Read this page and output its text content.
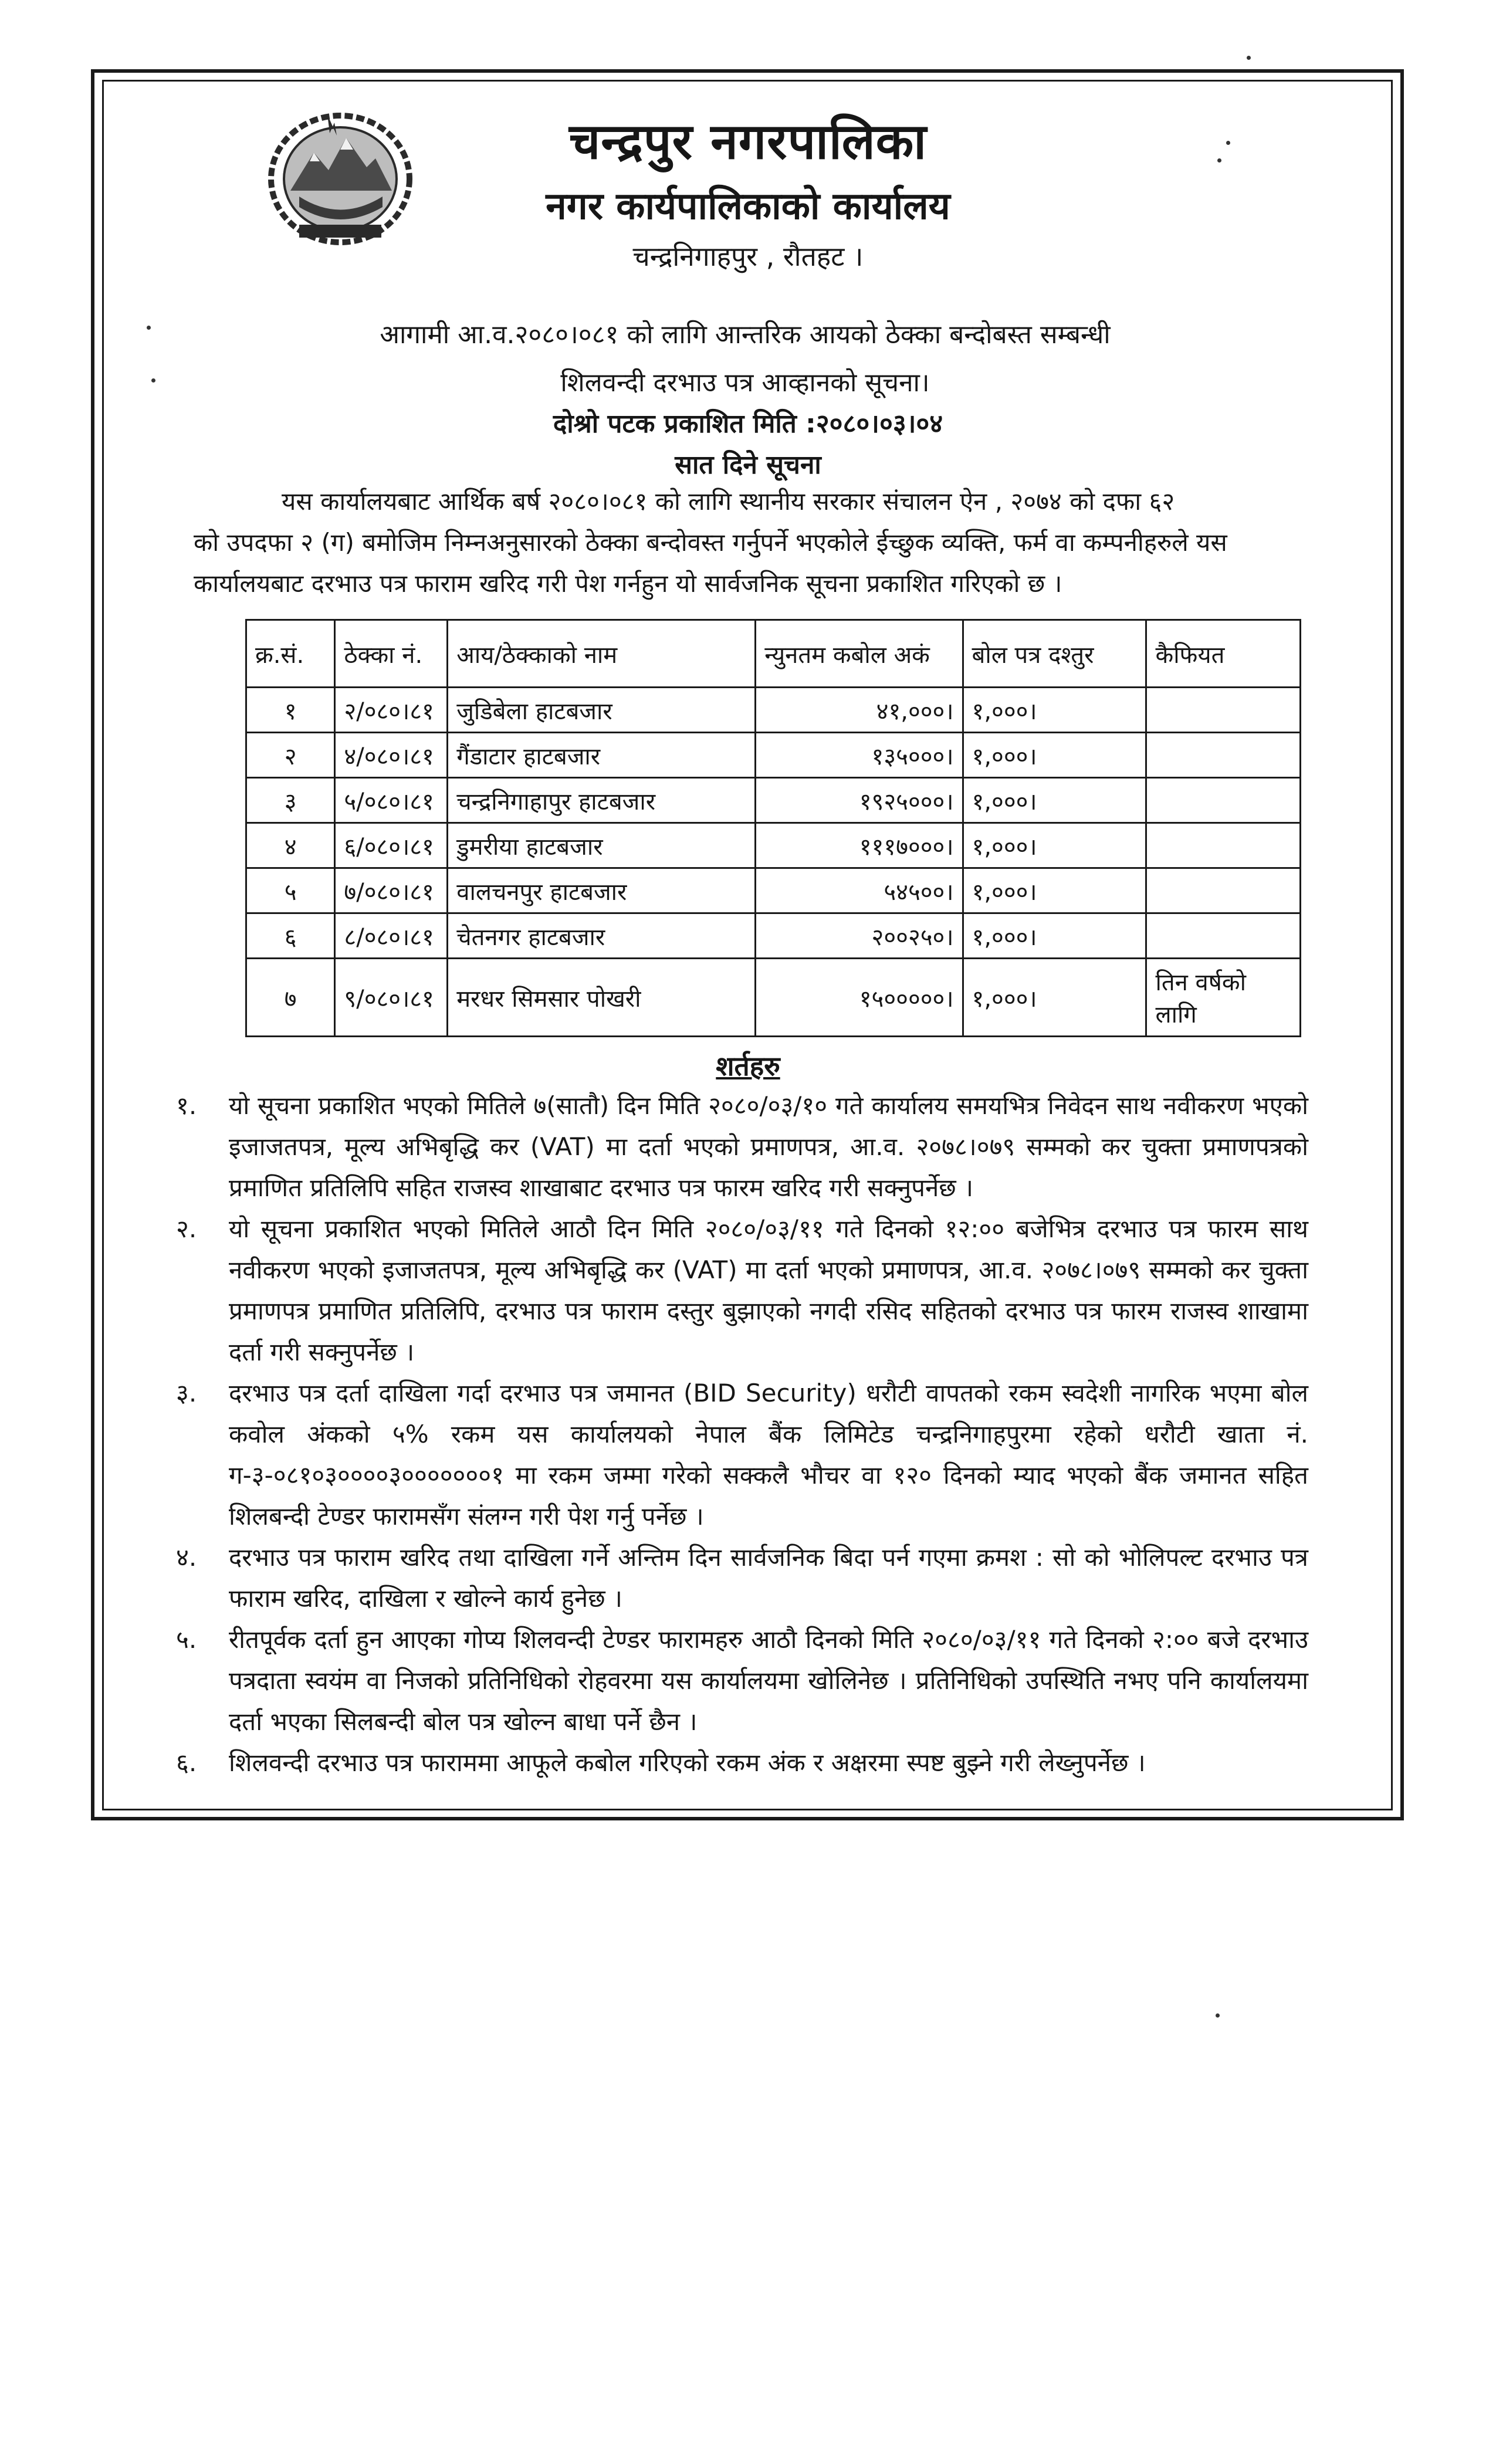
चन्द्रपुर नगरपालिका
नगर कार्यपालिकाको कार्यालय
चन्द्रनिगाहपुर , रौतहट ।
आगामी आ.व.२०८०।०८१ को लागि आन्तरिक आयको ठेक्का बन्दोबस्त सम्बन्धी
शिलवन्दी दरभाउ पत्र आव्हानको सूचना।
दोश्रो पटक प्रकाशित मिति :२०८०।०३।०४
सात दिने सूचना
यस कार्यालयबाट आर्थिक बर्ष २०८०।०८१ को लागि स्थानीय सरकार संचालन ऐन , २०७४ को दफा ६२
को उपदफा २ (ग) बमोजिम निम्नअनुसारको ठेक्का बन्दोवस्त गर्नुपर्ने भएकोले ईच्छुक व्यक्ति, फर्म वा कम्पनीहरुले यस
कार्यालयबाट दरभाउ पत्र फाराम खरिद गरी पेश गर्नहुन यो सार्वजनिक सूचना प्रकाशित गरिएको छ ।
क्र.सं.	ठेक्का नं.	आय/ठेक्काको नाम	न्युनतम कबोल अकं	बोल पत्र दश्तुर	कैफियत
१	२/०८०।८१	जुडिबेला हाटबजार	४१,०००।	१,०००।	
२	४/०८०।८१	गैंडाटार हाटबजार	१३५०००।	१,०००।	
३	५/०८०।८१	चन्द्रनिगाहापुर हाटबजार	१९२५०००।	१,०००।	
४	६/०८०।८१	डुमरीया हाटबजार	१११७०००।	१,०००।	
५	७/०८०।८१	वालचनपुर हाटबजार	५४५००।	१,०००।	
६	८/०८०।८१	चेतनगर हाटबजार	२००२५०।	१,०००।	
७	९/०८०।८१	मरधर सिमसार पोखरी	१५०००००।	१,०००।	तिन वर्षको लागि
शर्तहरु
१. यो सूचना प्रकाशित भएको मितिले ७(सातौ) दिन मिति २०८०/०३/१० गते कार्यालय समयभित्र निवेदन साथ नवीकरण भएको इजाजतपत्र, मूल्य अभिबृद्धि कर (VAT) मा दर्ता भएको प्रमाणपत्र, आ.व. २०७८।०७९ सम्मको कर चुक्ता प्रमाणपत्रको प्रमाणित प्रतिलिपि सहित राजस्व शाखाबाट दरभाउ पत्र फारम खरिद गरी सक्नुपर्नेछ ।
२. यो सूचना प्रकाशित भएको मितिले आठौ दिन मिति २०८०/०३/११ गते दिनको १२:०० बजेभित्र दरभाउ पत्र फारम साथ नवीकरण भएको इजाजतपत्र, मूल्य अभिबृद्धि कर (VAT) मा दर्ता भएको प्रमाणपत्र, आ.व. २०७८।०७९ सम्मको कर चुक्ता प्रमाणपत्र प्रमाणित प्रतिलिपि, दरभाउ पत्र फाराम दस्तुर बुझाएको नगदी रसिद सहितको दरभाउ पत्र फारम राजस्व शाखामा दर्ता गरी सक्नुपर्नेछ ।
३. दरभाउ पत्र दर्ता दाखिला गर्दा दरभाउ पत्र जमानत (BID Security) धरौटी वापतको रकम स्वदेशी नागरिक भएमा बोल कवोल अंकको ५% रकम यस कार्यालयको नेपाल बैंक लिमिटेड चन्द्रनिगाहपुरमा रहेको धरौटी खाता नं. ग-३-०८१०३००००३०००००००१ मा रकम जम्मा गरेको सक्कलै भौचर वा १२० दिनको म्याद भएको बैंक जमानत सहित शिलबन्दी टेण्डर फारामसँग संलग्न गरी पेश गर्नु पर्नेछ ।
४. दरभाउ पत्र फाराम खरिद तथा दाखिला गर्ने अन्तिम दिन सार्वजनिक बिदा पर्न गएमा क्रमश : सो को भोलिपल्ट दरभाउ पत्र फाराम खरिद, दाखिला र खोल्ने कार्य हुनेछ ।
५. रीतपूर्वक दर्ता हुन आएका गोप्य शिलवन्दी टेण्डर फारामहरु आठौ दिनको मिति २०८०/०३/११ गते दिनको २:०० बजे दरभाउ पत्रदाता स्वयंम वा निजको प्रतिनिधिको रोहवरमा यस कार्यालयमा खोलिनेछ । प्रतिनिधिको उपस्थिति नभए पनि कार्यालयमा दर्ता भएका सिलबन्दी बोल पत्र खोल्न बाधा पर्ने छैन ।
६. शिलवन्दी दरभाउ पत्र फाराममा आफूले कबोल गरिएको रकम अंक र अक्षरमा स्पष्ट बुझ्ने गरी लेख्नुपर्नेछ ।
